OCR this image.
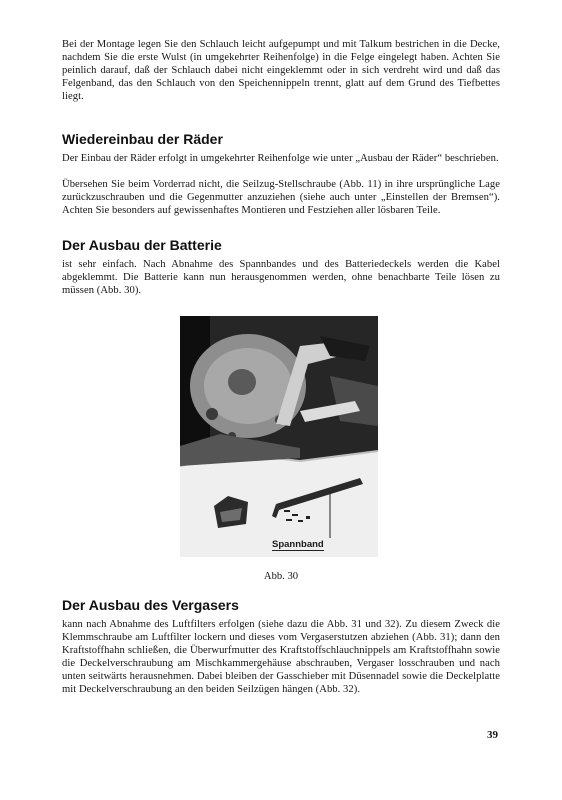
Bei der Montage legen Sie den Schlauch leicht aufgepumpt und mit Talkum bestrichen in die Decke, nachdem Sie die erste Wulst (in umgekehrter Reihenfolge) in die Felge eingelegt haben. Achten Sie peinlich darauf, daß der Schlauch dabei nicht eingeklemmt oder in sich verdreht wird und daß das Felgenband, das den Schlauch von den Speichennippeln trennt, glatt auf dem Grund des Tiefbettes liegt.
Wiedereinbau der Räder
Der Einbau der Räder erfolgt in umgekehrter Reihenfolge wie unter „Ausbau der Räder“ beschrieben.
Übersehen Sie beim Vorderrad nicht, die Seilzug-Stellschraube (Abb. 11) in ihre ursprüngliche Lage zurückzuschrauben und die Gegenmutter anzuziehen (siehe auch unter „Einstellen der Bremsen“). Achten Sie besonders auf gewissenhaftes Montieren und Festziehen aller lösbaren Teile.
Der Ausbau der Batterie
ist sehr einfach. Nach Abnahme des Spannbandes und des Batteriedeckels werden die Kabel abgeklemmt. Die Batterie kann nun herausgenommen werden, ohne benachbarte Teile lösen zu müssen (Abb. 30).
Spannband
Abb. 30
Der Ausbau des Vergasers
kann nach Abnahme des Luftfilters erfolgen (siehe dazu die Abb. 31 und 32). Zu diesem Zweck die Klemmschraube am Luftfilter lockern und dieses vom Vergaserstutzen abziehen (Abb. 31); dann den Kraftstoffhahn schließen, die Überwurfmutter des Kraftstoffschlauchnippels am Kraftstoffhahn sowie die Deckelverschraubung am Mischkammergehäuse abschrauben, Vergaser losschrauben und nach unten seitwärts herausnehmen. Dabei bleiben der Gasschieber mit Düsennadel sowie die Deckelplatte mit Deckelverschraubung an den beiden Seilzügen hängen (Abb. 32).
39
